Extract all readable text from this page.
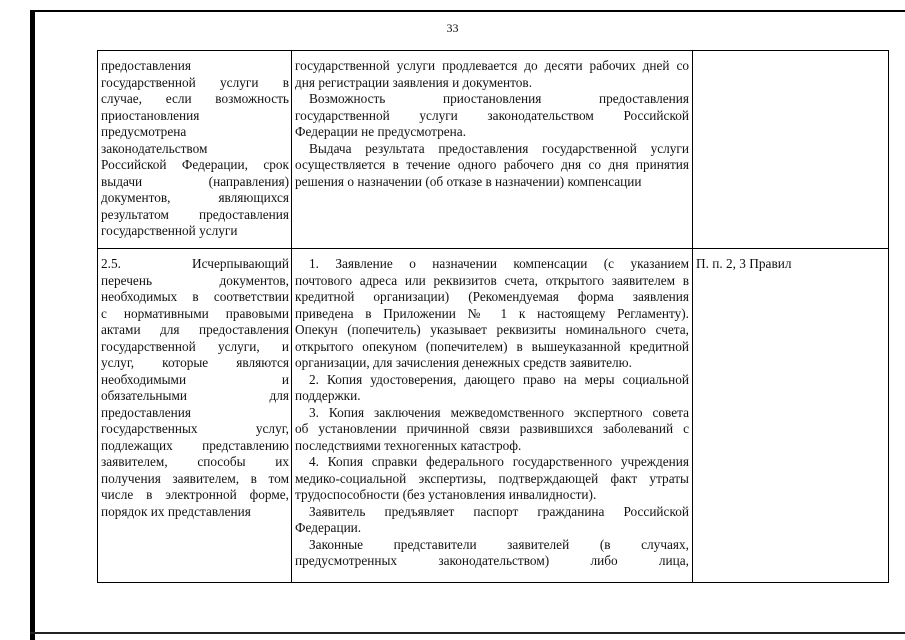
33
предоставления
государственной услуги в
случае, если возможность
приостановления
предусмотрена
законодательством
Российской Федерации, срок
выдачи (направления)
документов, являющихся
результатом предоставления
государственной услуги
государственной услуги продлевается до десяти рабочих дней со
дня регистрации заявления и документов.
Возможность приостановления предоставления
государственной услуги законодательством Российской
Федерации не предусмотрена.
Выдача результата предоставления государственной услуги
осуществляется в течение одного рабочего дня со дня принятия
решения о назначении (об отказе в назначении) компенсации
2.5. Исчерпывающий
перечень документов,
необходимых в соответствии
с нормативными правовыми
актами для предоставления
государственной услуги, и
услуг, которые являются
необходимыми и
обязательными для
предоставления
государственных услуг,
подлежащих представлению
заявителем, способы их
получения заявителем, в том
числе в электронной форме,
порядок их представления
1. Заявление о назначении компенсации (с указанием
почтового адреса или реквизитов счета, открытого заявителем в
кредитной организации) (Рекомендуемая форма заявления
приведена в Приложении № 1 к настоящему Регламенту).
Опекун (попечитель) указывает реквизиты номинального счета,
открытого опекуном (попечителем) в вышеуказанной кредитной
организации, для зачисления денежных средств заявителю.
2. Копия удостоверения, дающего право на меры социальной
поддержки.
3. Копия заключения межведомственного экспертного совета
об установлении причинной связи развившихся заболеваний с
последствиями техногенных катастроф.
4. Копия справки федерального государственного учреждения
медико-социальной экспертизы, подтверждающей факт утраты
трудоспособности (без установления инвалидности).
Заявитель предъявляет паспорт гражданина Российской
Федерации.
Законные представители заявителей (в случаях,
предусмотренных законодательством) либо лица,
П. п. 2, 3 Правил
